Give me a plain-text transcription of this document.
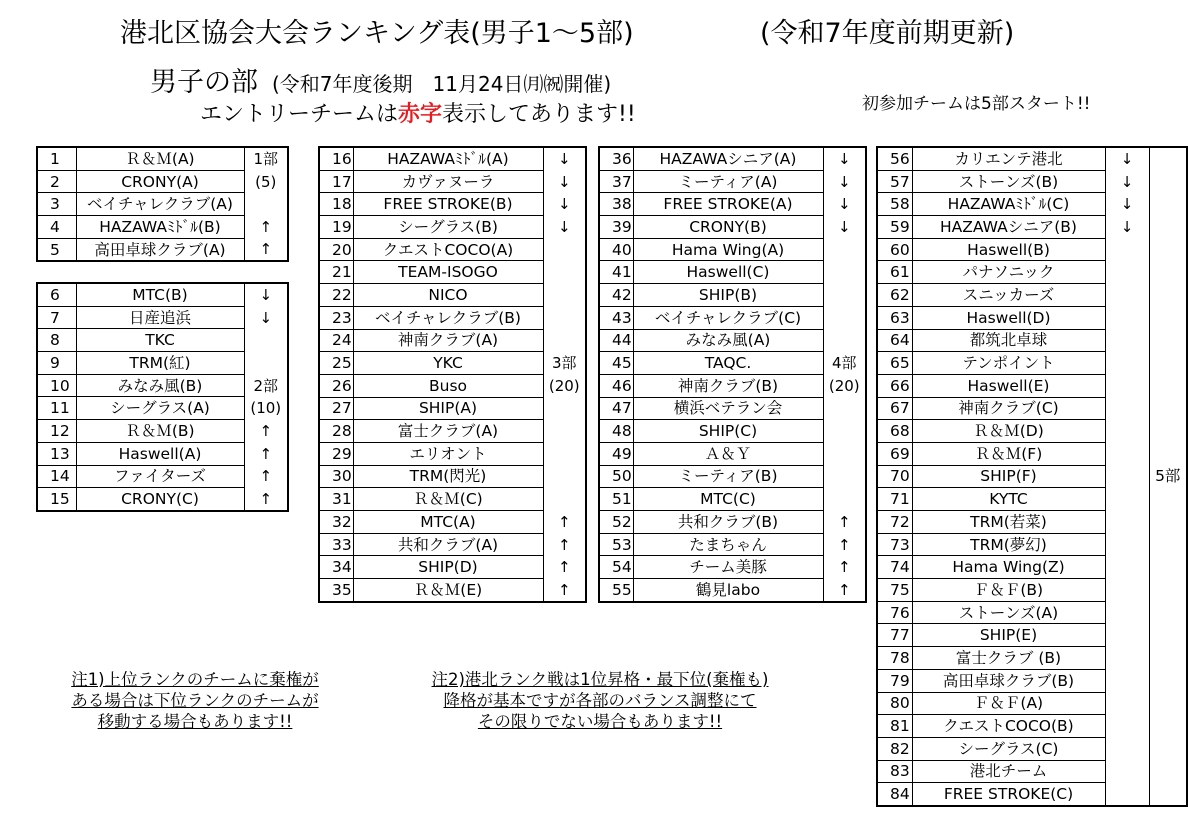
港北区協会大会ランキング表(男子1～5部)	(令和7年度前期更新)
男子の部 (令和7年度後期　11月24日㈪㈷開催)
エントリーチームは赤字表示してあります!!	初参加チームは5部スタート!!
1	Ｒ＆Ｍ(A)	1部
2	CRONY(A)	(5)
3	ベイチャレクラブ(A)	
4	HAZAWAﾐﾄﾞﾙ(B)	↑
5	高田卓球クラブ(A)	↑
6	MTC(B)	↓
7	日産追浜	↓
8	TKC	
9	TRM(紅)	
10	みなみ風(B)	2部
11	シーグラス(A)	(10)
12	Ｒ＆Ｍ(B)	↑
13	Haswell(A)	↑
14	ファイターズ	↑
15	CRONY(C)	↑
16	HAZAWAﾐﾄﾞﾙ(A)	↓
17	カヴァヌーラ	↓
18	FREE STROKE(B)	↓
19	シーグラス(B)	↓
20	クエストCOCO(A)	
21	TEAM-ISOGO	
22	NICO	
23	ベイチャレクラブ(B)	
24	神南クラブ(A)	
25	YKC	3部
26	Buso	(20)
27	SHIP(A)	
28	富士クラブ(A)	
29	エリオント	
30	TRM(閃光)	
31	Ｒ＆Ｍ(C)	
32	MTC(A)	↑
33	共和クラブ(A)	↑
34	SHIP(D)	↑
35	Ｒ＆Ｍ(E)	↑
36	HAZAWAシニア(A)	↓
37	ミーティア(A)	↓
38	FREE STROKE(A)	↓
39	CRONY(B)	↓
40	Hama Wing(A)	
41	Haswell(C)	
42	SHIP(B)	
43	ベイチャレクラブ(C)	
44	みなみ風(A)	
45	TAQC.	4部
46	神南クラブ(B)	(20)
47	横浜ベテラン会	
48	SHIP(C)	
49	Ａ＆Ｙ	
50	ミーティア(B)	
51	MTC(C)	
52	共和クラブ(B)	↑
53	たまちゃん	↑
54	チーム美豚	↑
55	鶴見labo	↑
56	カリエンテ港北	↓	5部
57	ストーンズ(B)	↓	
58	HAZAWAﾐﾄﾞﾙ(C)	↓	
59	HAZAWAシニア(B)	↓	
60	Haswell(B)		
61	パナソニック		
62	スニッカーズ		
63	Haswell(D)		
64	都筑北卓球		
65	テンポイント		
66	Haswell(E)		
67	神南クラブ(C)		
68	Ｒ＆Ｍ(D)		
69	Ｒ＆Ｍ(F)		
70	SHIP(F)		
71	KYTC		
72	TRM(若菜)		
73	TRM(夢幻)		
74	Hama Wing(Z)		
75	Ｆ＆Ｆ(B)		
76	ストーンズ(A)		
77	SHIP(E)		
78	富士クラブ (B)		
79	高田卓球クラブ(B)		
80	Ｆ＆Ｆ(A)		
81	クエストCOCO(B)		
82	シーグラス(C)		
83	港北チーム		
84	FREE STROKE(C)		
注1)上位ランクのチームに棄権が
ある場合は下位ランクのチームが
移動する場合もあります!!
注2)港北ランク戦は1位昇格・最下位(棄権も)
降格が基本ですが各部のバランス調整にて
その限りでない場合もあります!!
